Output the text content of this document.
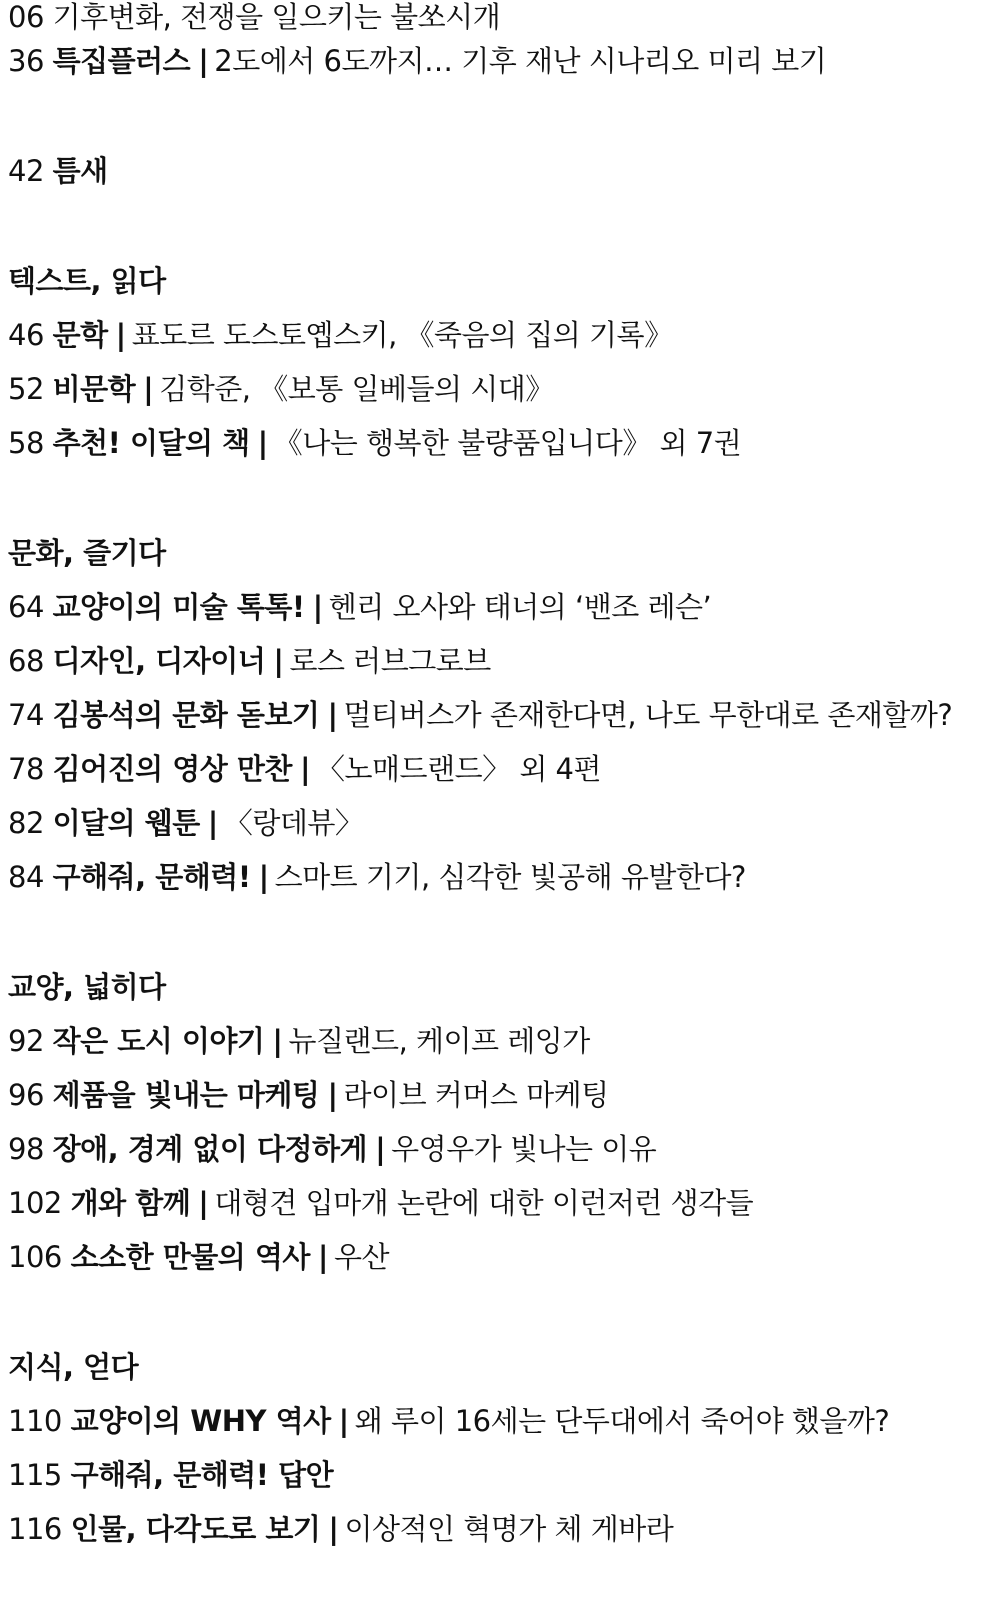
06 기후변화, 전쟁을 일으키는 불쏘시개
36 특집플러스 | 2도에서 6도까지… 기후 재난 시나리오 미리 보기
42 틈새
텍스트, 읽다
46 문학 | 표도르 도스토옙스키, 《죽음의 집의 기록》
52 비문학 | 김학준, 《보통 일베들의 시대》
58 추천! 이달의 책 | 《나는 행복한 불량품입니다》 외 7권
문화, 즐기다
64 교양이의 미술 톡톡! | 헨리 오사와 태너의 ‘밴조 레슨’
68 디자인, 디자이너 | 로스 러브그로브
74 김봉석의 문화 돋보기 | 멀티버스가 존재한다면, 나도 무한대로 존재할까?
78 김어진의 영상 만찬 | 〈노매드랜드〉 외 4편
82 이달의 웹툰 | 〈랑데뷰〉
84 구해줘, 문해력! | 스마트 기기, 심각한 빛공해 유발한다?
교양, 넓히다
92 작은 도시 이야기 | 뉴질랜드, 케이프 레잉가
96 제품을 빛내는 마케팅 | 라이브 커머스 마케팅
98 장애, 경계 없이 다정하게 | 우영우가 빛나는 이유
102 개와 함께 | 대형견 입마개 논란에 대한 이런저런 생각들
106 소소한 만물의 역사 | 우산
지식, 얻다
110 교양이의 WHY 역사 | 왜 루이 16세는 단두대에서 죽어야 했을까?
115 구해줘, 문해력! 답안
116 인물, 다각도로 보기 | 이상적인 혁명가 체 게바라
